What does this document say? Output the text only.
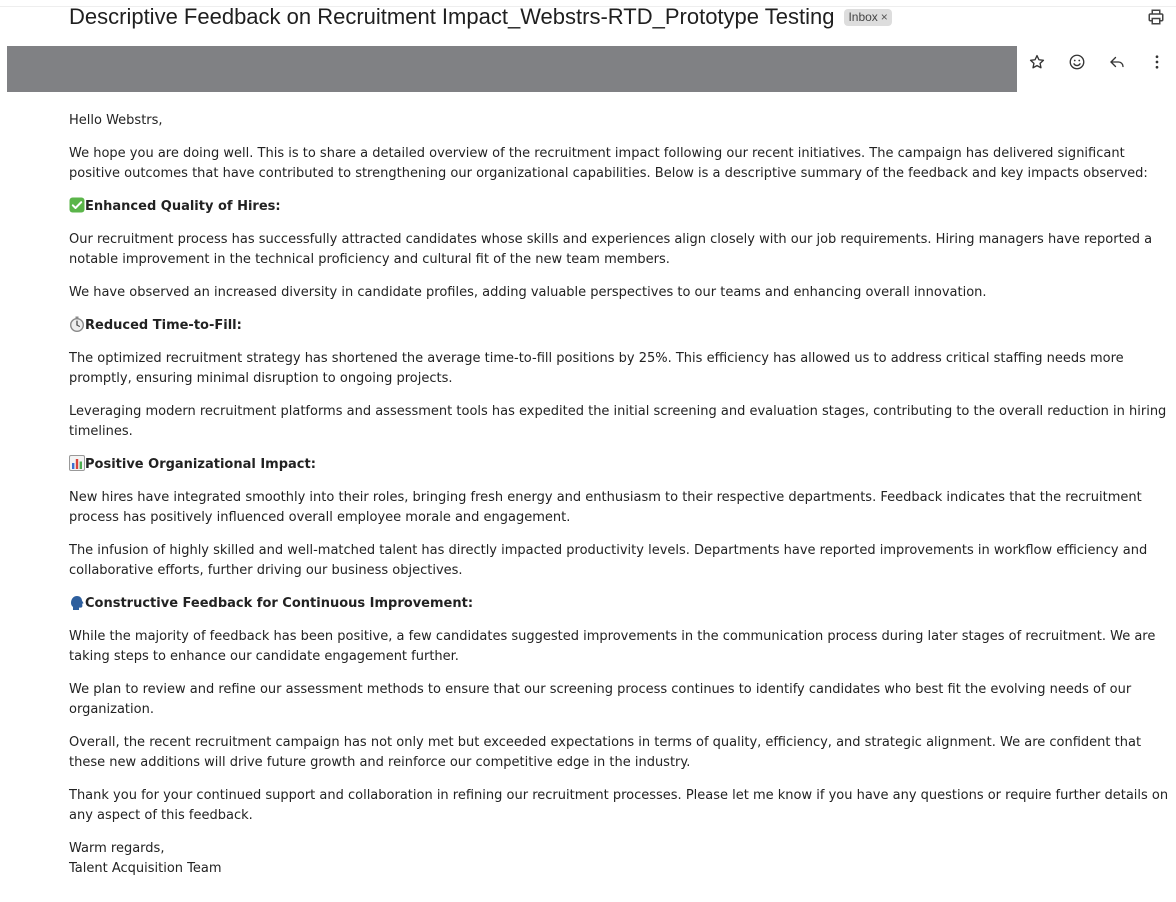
Descriptive Feedback on Recruitment Impact_Webstrs-RTD_Prototype Testing Inbox ×

Hello Webstrs,

We hope you are doing well. This is to share a detailed overview of the recruitment impact following our recent initiatives. The campaign has delivered significant positive outcomes that have contributed to strengthening our organizational capabilities. Below is a descriptive summary of the feedback and key impacts observed:

Enhanced Quality of Hires:

Our recruitment process has successfully attracted candidates whose skills and experiences align closely with our job requirements. Hiring managers have reported a notable improvement in the technical proficiency and cultural fit of the new team members.

We have observed an increased diversity in candidate profiles, adding valuable perspectives to our teams and enhancing overall innovation.

Reduced Time-to-Fill:

The optimized recruitment strategy has shortened the average time-to-fill positions by 25%. This efficiency has allowed us to address critical staffing needs more promptly, ensuring minimal disruption to ongoing projects.

Leveraging modern recruitment platforms and assessment tools has expedited the initial screening and evaluation stages, contributing to the overall reduction in hiring timelines.

Positive Organizational Impact:

New hires have integrated smoothly into their roles, bringing fresh energy and enthusiasm to their respective departments. Feedback indicates that the recruitment process has positively influenced overall employee morale and engagement.

The infusion of highly skilled and well-matched talent has directly impacted productivity levels. Departments have reported improvements in workflow efficiency and collaborative efforts, further driving our business objectives.

Constructive Feedback for Continuous Improvement:

While the majority of feedback has been positive, a few candidates suggested improvements in the communication process during later stages of recruitment. We are taking steps to enhance our candidate engagement further.

We plan to review and refine our assessment methods to ensure that our screening process continues to identify candidates who best fit the evolving needs of our organization.

Overall, the recent recruitment campaign has not only met but exceeded expectations in terms of quality, efficiency, and strategic alignment. We are confident that these new additions will drive future growth and reinforce our competitive edge in the industry.

Thank you for your continued support and collaboration in refining our recruitment processes. Please let me know if you have any questions or require further details on any aspect of this feedback.

Warm regards,

Talent Acquisition Team
